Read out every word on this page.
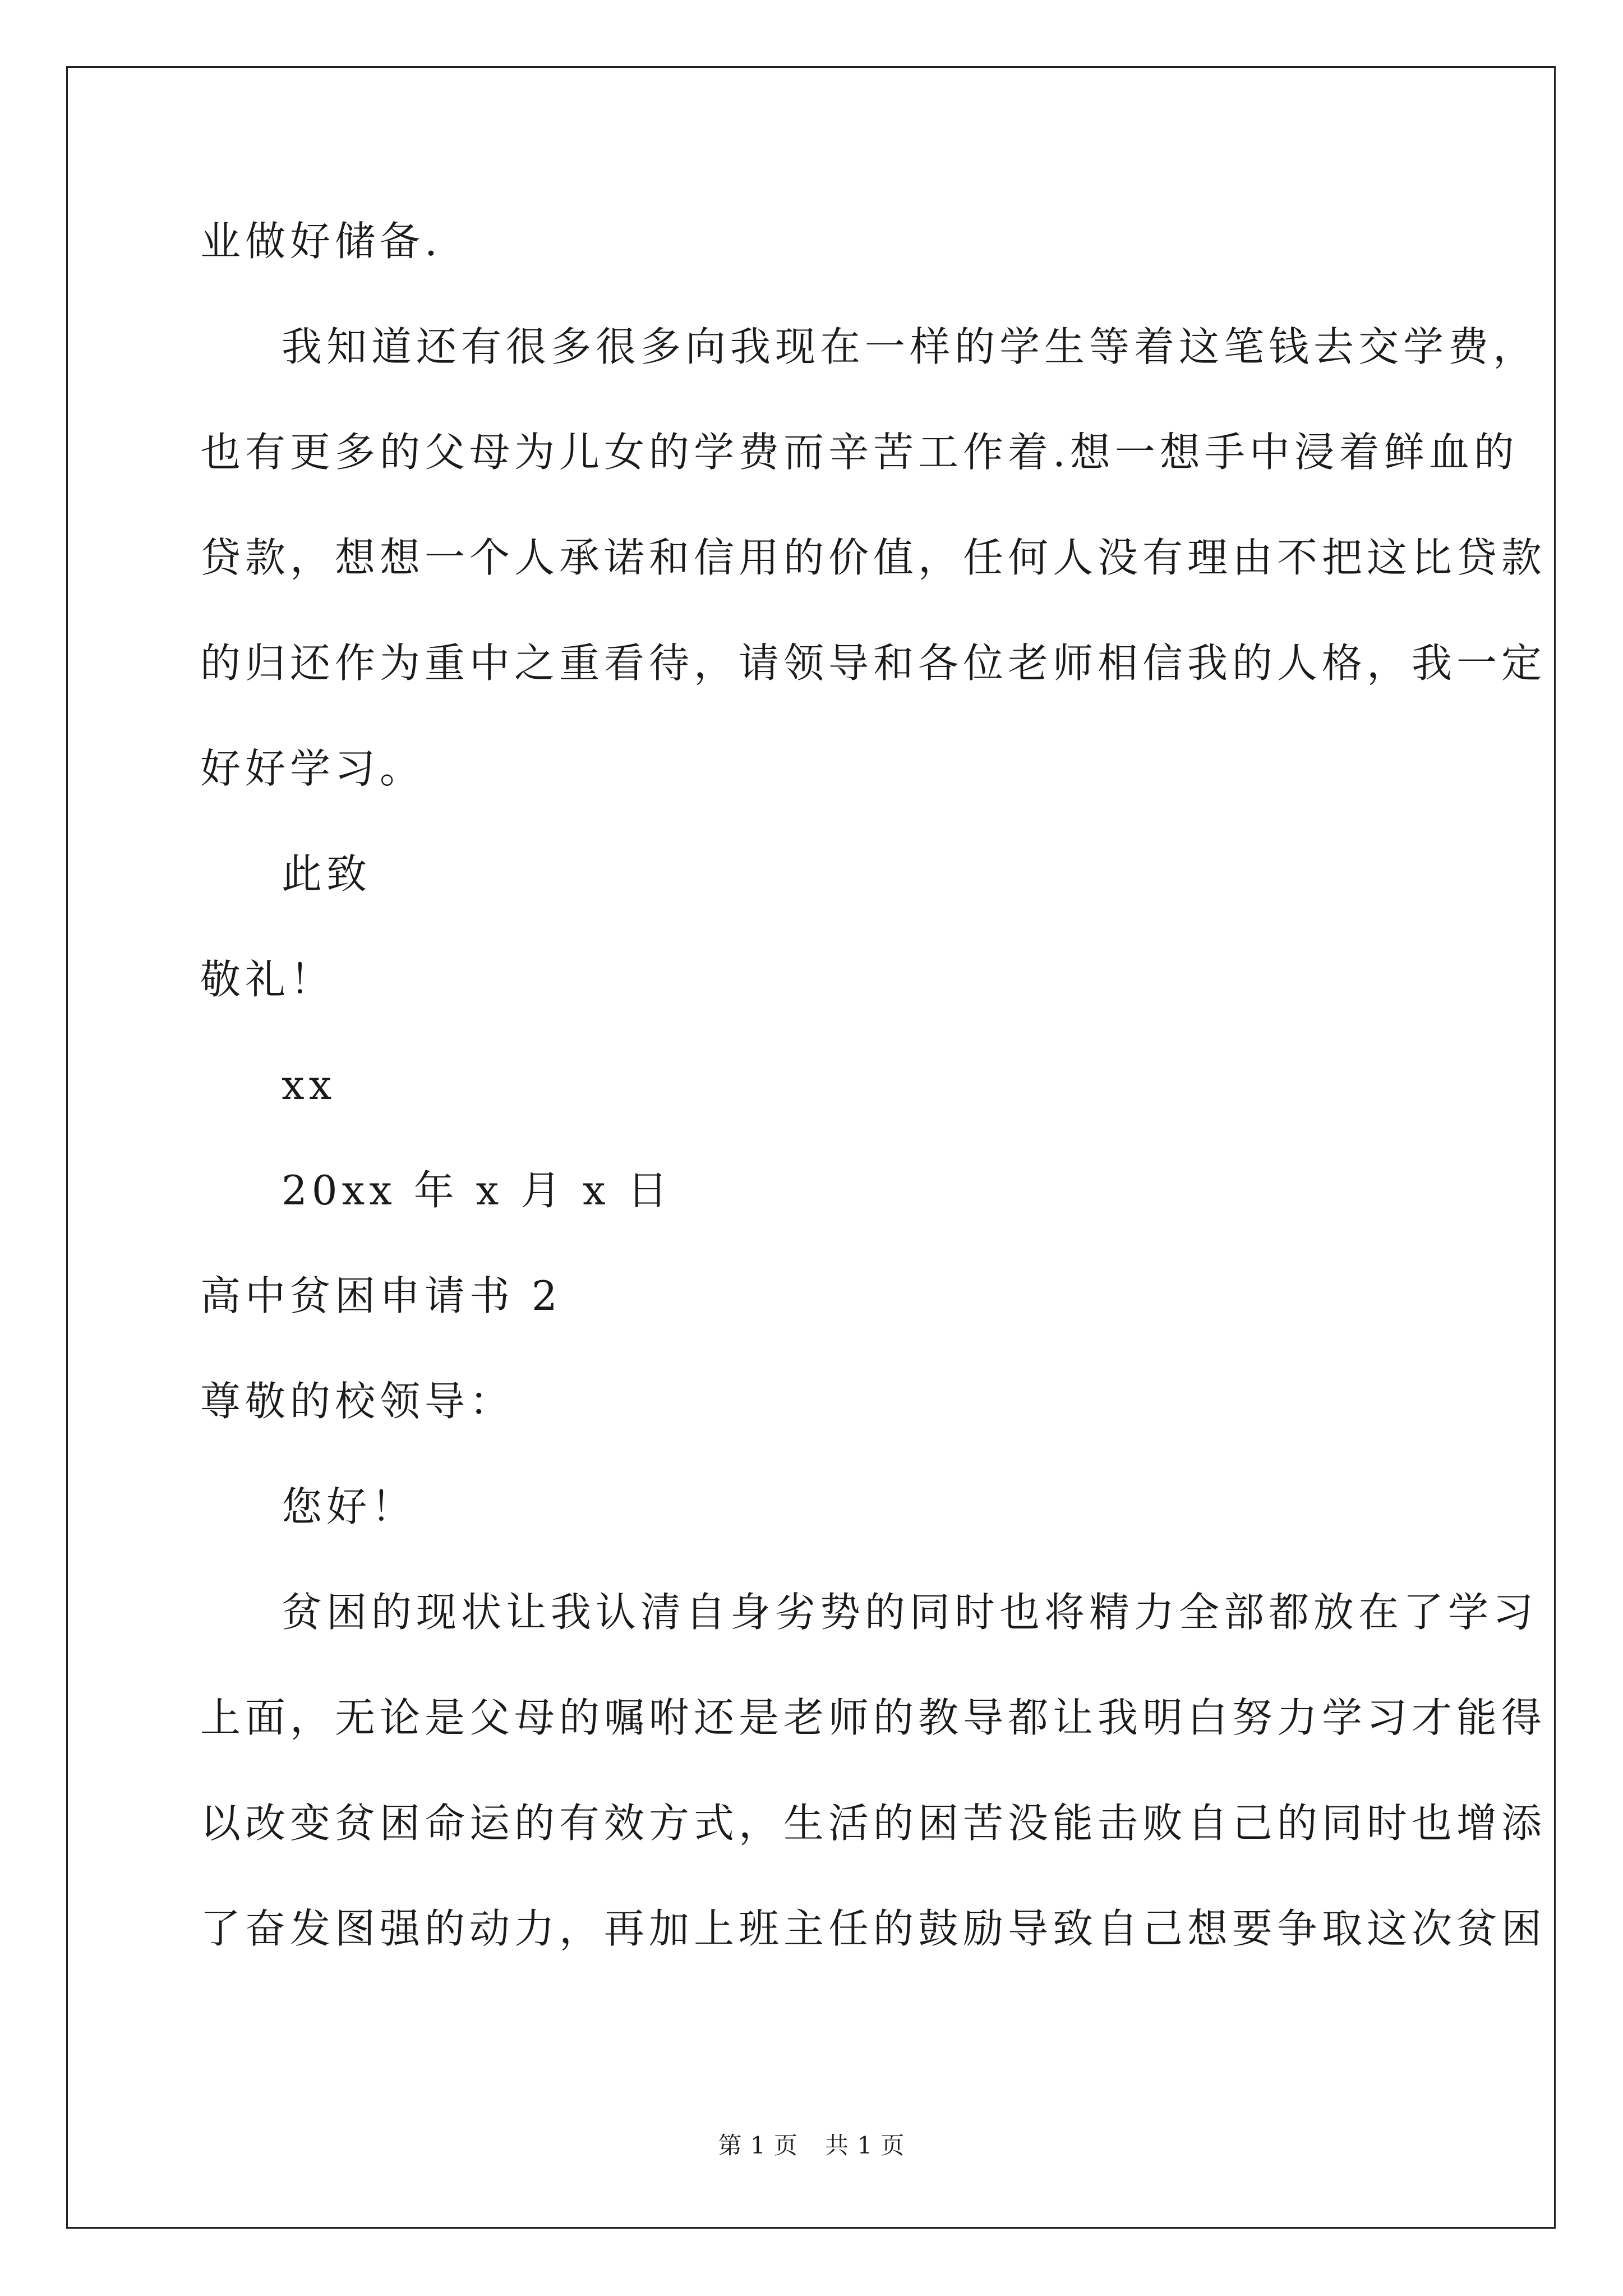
业做好储备.
我知道还有很多很多向我现在一样的学生等着这笔钱去交学费，
也有更多的父母为儿女的学费而辛苦工作着.想一想手中浸着鲜血的
贷款，想想一个人承诺和信用的价值，任何人没有理由不把这比贷款
的归还作为重中之重看待，请领导和各位老师相信我的人格，我一定
好好学习。
此致
敬礼！
xx
20xx 年 x 月 x 日
高中贫困申请书 2
尊敬的校领导：
您好！
贫困的现状让我认清自身劣势的同时也将精力全部都放在了学习
上面，无论是父母的嘱咐还是老师的教导都让我明白努力学习才能得
以改变贫困命运的有效方式，生活的困苦没能击败自己的同时也增添
了奋发图强的动力，再加上班主任的鼓励导致自己想要争取这次贫困
第 1 页 共 1 页
